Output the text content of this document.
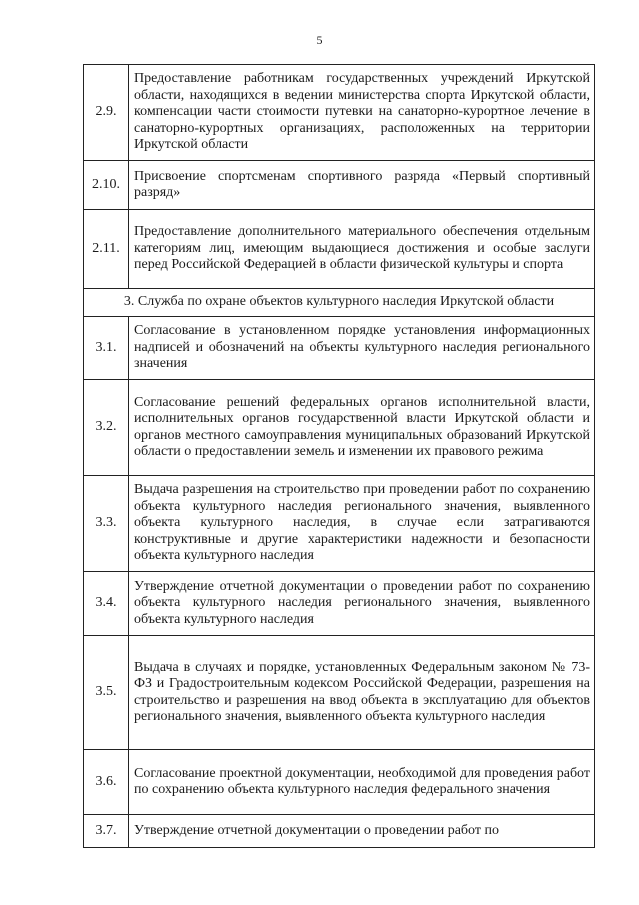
5
2.9.	Предоставление работникам государственных учреждений Иркутской области, находящихся в ведении министерства спорта Иркутской области, компенсации части стоимости путевки на санаторно-курортное лечение в санаторно-курортных организациях, расположенных на территории Иркутской области
2.10.	Присвоение спортсменам спортивного разряда «Первый спортивный разряд»
2.11.	Предоставление дополнительного материального обеспечения отдельным категориям лиц, имеющим выдающиеся достижения и особые заслуги перед Российской Федерацией в области физической культуры и спорта
3. Служба по охране объектов культурного наследия Иркутской области	
3.1.	Согласование в установленном порядке установления информационных надписей и обозначений на объекты культурного наследия регионального значения
3.2.	Согласование решений федеральных органов исполнительной власти, исполнительных органов государственной власти Иркутской области и органов местного самоуправления муниципальных образований Иркутской области о предоставлении земель и изменении их правового режима
3.3.	Выдача разрешения на строительство при проведении работ по сохранению объекта культурного наследия регионального значения, выявленного объекта культурного наследия, в случае если затрагиваются конструктивные и другие характеристики надежности и безопасности объекта культурного наследия
3.4.	Утверждение отчетной документации о проведении работ по сохранению объекта культурного наследия регионального значения, выявленного объекта культурного наследия
3.5.	Выдача в случаях и порядке, установленных Федеральным законом № 73-ФЗ и Градостроительным кодексом Российской Федерации, разрешения на строительство и разрешения на ввод объекта в эксплуатацию для объектов регионального значения, выявленного объекта культурного наследия
3.6.	Согласование проектной документации, необходимой для проведения работ по сохранению объекта культурного наследия федерального значения
3.7.	Утверждение отчетной документации о проведении работ по
